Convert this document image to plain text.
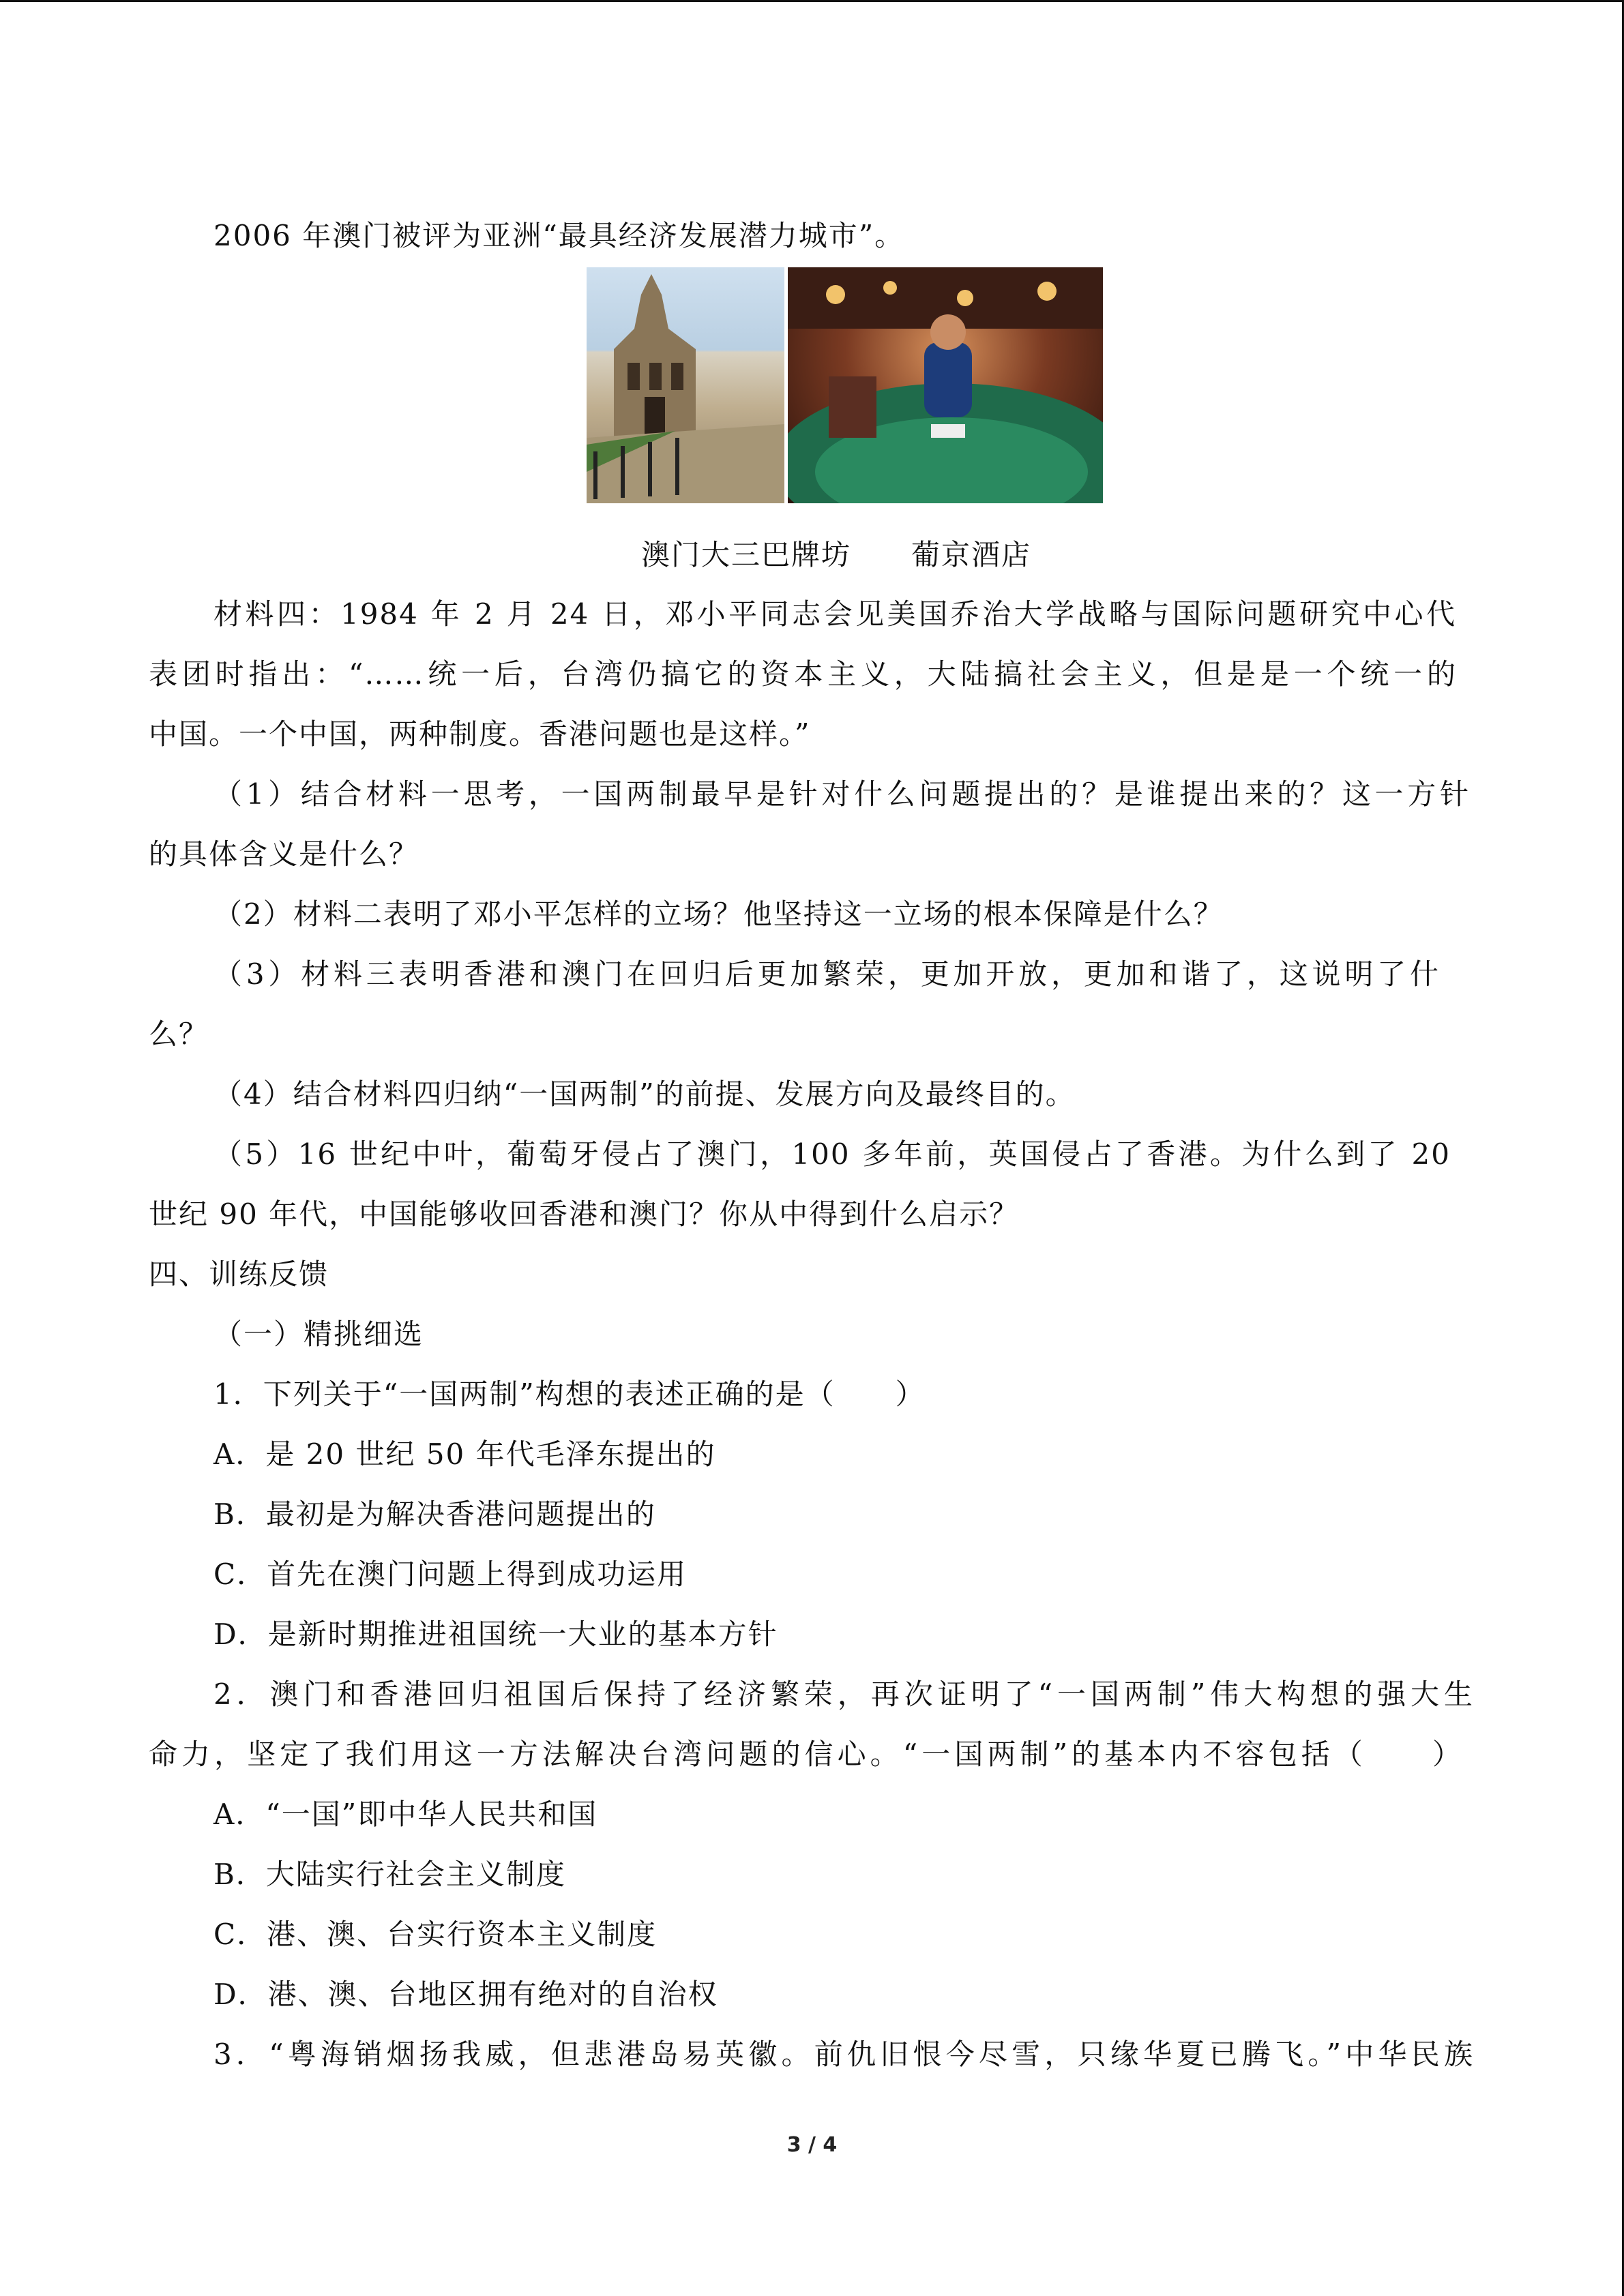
2006 年澳门被评为亚洲“最具经济发展潜力城市”。

澳门大三巴牌坊　　葡京酒店

材料四：1984 年 2 月 24 日，邓小平同志会见美国乔治大学战略与国际问题研究中心代

表团时指出：“……统一后，台湾仍搞它的资本主义，大陆搞社会主义，但是是一个统一的

中国。一个中国，两种制度。香港问题也是这样。”

（1）结合材料一思考，一国两制最早是针对什么问题提出的？是谁提出来的？这一方针

的具体含义是什么？

（2）材料二表明了邓小平怎样的立场？他坚持这一立场的根本保障是什么？

（3）材料三表明香港和澳门在回归后更加繁荣，更加开放，更加和谐了，这说明了什

么？

（4）结合材料四归纳“一国两制”的前提、发展方向及最终目的。

（5）16 世纪中叶，葡萄牙侵占了澳门，100 多年前，英国侵占了香港。为什么到了 20

世纪 90 年代，中国能够收回香港和澳门？你从中得到什么启示？

四、训练反馈

（一）精挑细选

1．下列关于“一国两制”构想的表述正确的是（　　）

A．是 20 世纪 50 年代毛泽东提出的

B．最初是为解决香港问题提出的

C．首先在澳门问题上得到成功运用

D．是新时期推进祖国统一大业的基本方针

2．澳门和香港回归祖国后保持了经济繁荣，再次证明了“一国两制”伟大构想的强大生

命力，坚定了我们用这一方法解决台湾问题的信心。“一国两制”的基本内不容包括（　　）

A．“一国”即中华人民共和国

B．大陆实行社会主义制度

C．港、澳、台实行资本主义制度

D．港、澳、台地区拥有绝对的自治权

3．“粤海销烟扬我威，但悲港岛易英徽。前仇旧恨今尽雪，只缘华夏已腾飞。”中华民族

3 / 4
